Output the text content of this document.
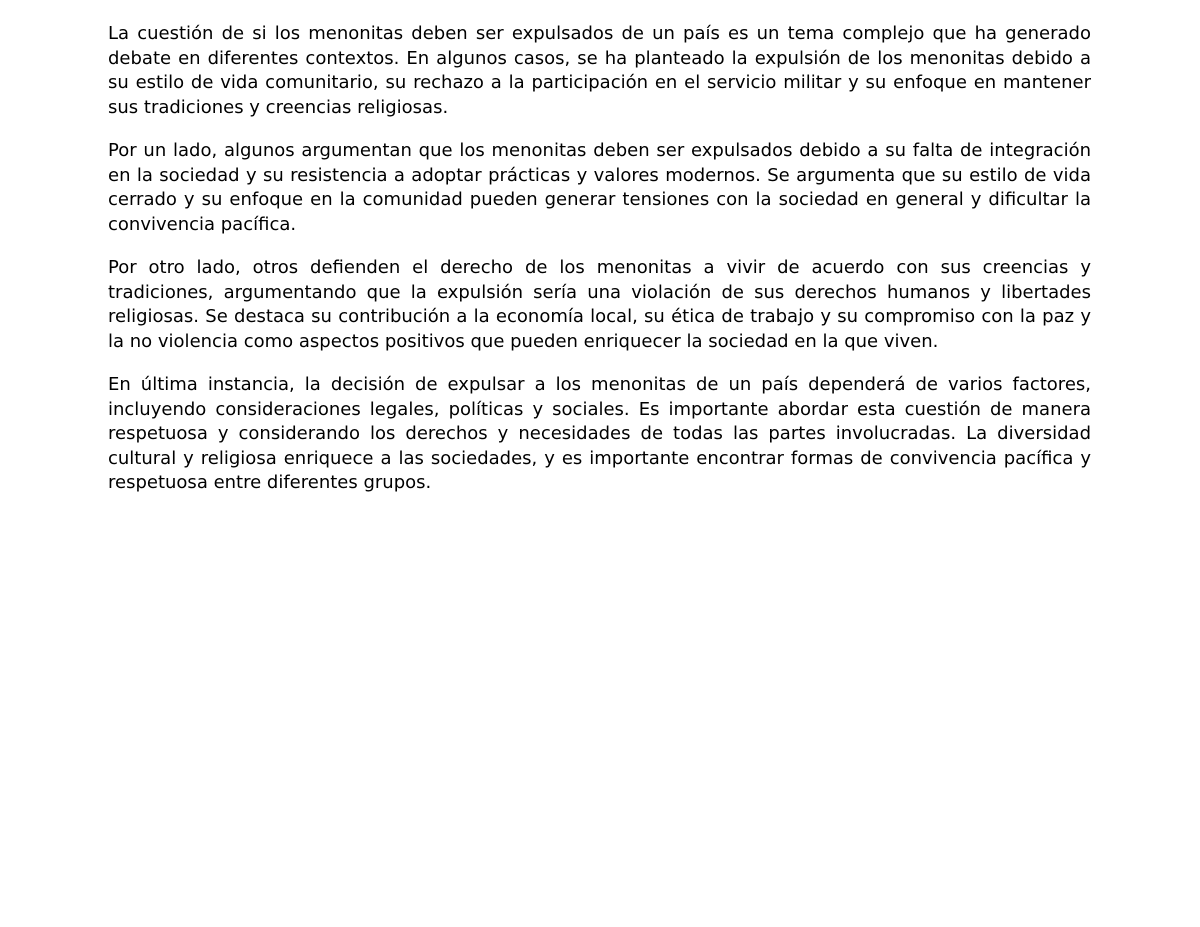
La cuestión de si los menonitas deben ser expulsados de un país es un tema complejo que ha generado debate en diferentes contextos. En algunos casos, se ha planteado la expulsión de los menonitas debido a su estilo de vida comunitario, su rechazo a la participación en el servicio militar y su enfoque en mantener sus tradiciones y creencias religiosas.

Por un lado, algunos argumentan que los menonitas deben ser expulsados debido a su falta de integración en la sociedad y su resistencia a adoptar prácticas y valores modernos. Se argumenta que su estilo de vida cerrado y su enfoque en la comunidad pueden generar tensiones con la sociedad en general y dificultar la convivencia pacífica.

Por otro lado, otros defienden el derecho de los menonitas a vivir de acuerdo con sus creencias y tradiciones, argumentando que la expulsión sería una violación de sus derechos humanos y libertades religiosas. Se destaca su contribución a la economía local, su ética de trabajo y su compromiso con la paz y la no violencia como aspectos positivos que pueden enriquecer la sociedad en la que viven.

En última instancia, la decisión de expulsar a los menonitas de un país dependerá de varios factores, incluyendo consideraciones legales, políticas y sociales. Es importante abordar esta cuestión de manera respetuosa y considerando los derechos y necesidades de todas las partes involucradas. La diversidad cultural y religiosa enriquece a las sociedades, y es importante encontrar formas de convivencia pacífica y respetuosa entre diferentes grupos.
